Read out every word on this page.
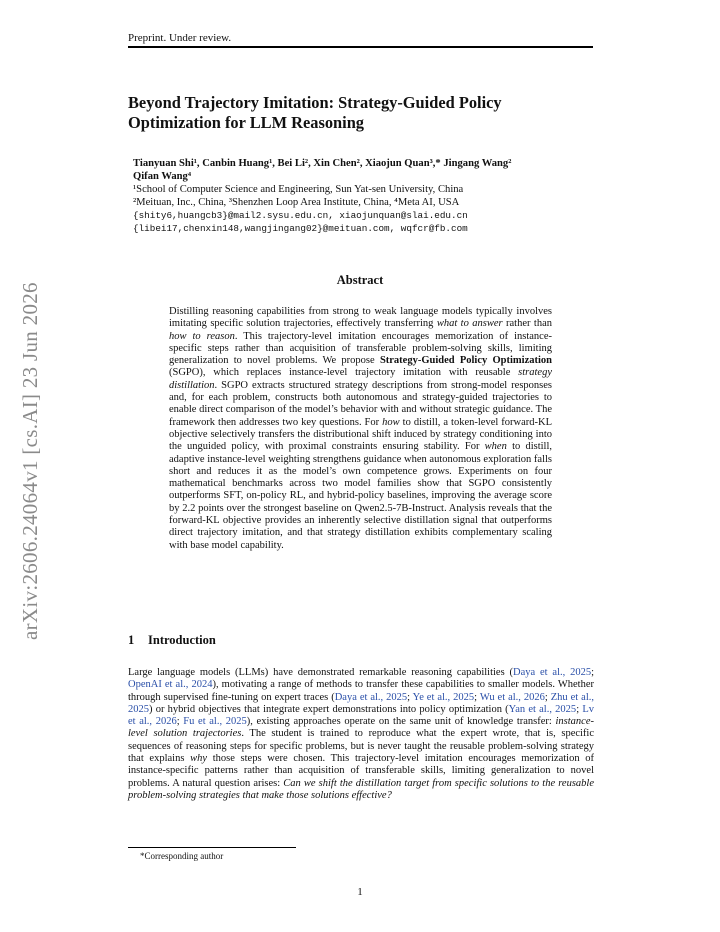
arXiv:2606.24064v1 [cs.AI] 23 Jun 2026
Preprint. Under review.
Beyond Trajectory Imitation: Strategy-Guided Policy Optimization for LLM Reasoning
Tianyuan Shi¹, Canbin Huang¹, Bei Li², Xin Chen², Xiaojun Quan³,* Jingang Wang²
Qifan Wang⁴
¹School of Computer Science and Engineering, Sun Yat-sen University, China
²Meituan, Inc., China, ³Shenzhen Loop Area Institute, China, ⁴Meta AI, USA
{shity6,huangcb3}@mail2.sysu.edu.cn, xiaojunquan@slai.edu.cn
{libei17,chenxin148,wangjingang02}@meituan.com, wqfcr@fb.com
Abstract
Distilling reasoning capabilities from strong to weak language models typically involves imitating specific solution trajectories, effectively transferring what to answer rather than how to reason. This trajectory-level imitation encourages memorization of instance-specific steps rather than acquisition of transferable problem-solving skills, limiting generalization to novel problems. We propose Strategy-Guided Policy Optimization (SGPO), which replaces instance-level trajectory imitation with reusable strategy distillation. SGPO extracts structured strategy descriptions from strong-model responses and, for each problem, constructs both autonomous and strategy-guided trajectories to enable direct comparison of the model’s behavior with and without strategic guidance. The framework then addresses two key questions. For how to distill, a token-level forward-KL objective selectively transfers the distributional shift induced by strategy conditioning into the unguided policy, with proximal constraints ensuring stability. For when to distill, adaptive instance-level weighting strengthens guidance when autonomous exploration falls short and reduces it as the model’s own competence grows. Experiments on four mathematical benchmarks across two model families show that SGPO consistently outperforms SFT, on-policy RL, and hybrid-policy baselines, improving the average score by 2.2 points over the strongest baseline on Qwen2.5-7B-Instruct. Analysis reveals that the forward-KL objective provides an inherently selective distillation signal that outperforms direct trajectory imitation, and that strategy distillation exhibits complementary scaling with base model capability.
1 Introduction
Large language models (LLMs) have demonstrated remarkable reasoning capabilities (Daya et al., 2025; OpenAI et al., 2024), motivating a range of methods to transfer these capabilities to smaller models. Whether through supervised fine-tuning on expert traces (Daya et al., 2025; Ye et al., 2025; Wu et al., 2026; Zhu et al., 2025) or hybrid objectives that integrate expert demonstrations into policy optimization (Yan et al., 2025; Lv et al., 2026; Fu et al., 2025), existing approaches operate on the same unit of knowledge transfer: instance-level solution trajectories. The student is trained to reproduce what the expert wrote, that is, specific sequences of reasoning steps for specific problems, but is never taught the reusable problem-solving strategy that explains why those steps were chosen. This trajectory-level imitation encourages memorization of instance-specific patterns rather than acquisition of transferable skills, limiting generalization to novel problems. A natural question arises: Can we shift the distillation target from specific solutions to the reusable problem-solving strategies that make those solutions effective?
*Corresponding author
1
